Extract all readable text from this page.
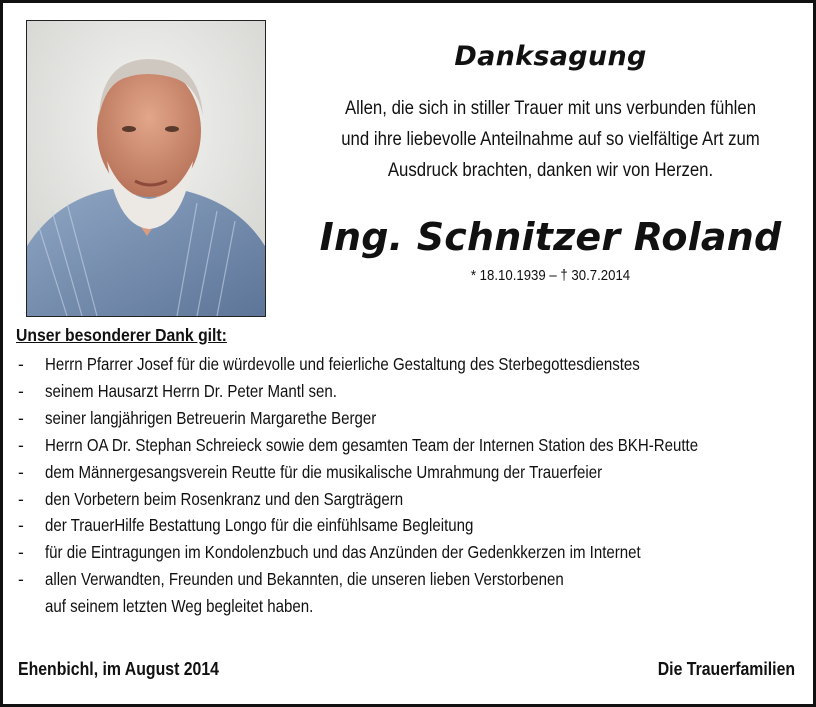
Danksagung
Allen, die sich in stiller Trauer mit uns verbunden fühlen
und ihre liebevolle Anteilnahme auf so vielfältige Art zum
Ausdruck brachten, danken wir von Herzen.
Ing. Schnitzer Roland
* 18.10.1939 – † 30.7.2014
Unser besonderer Dank gilt:
- Herrn Pfarrer Josef für die würdevolle und feierliche Gestaltung des Sterbegottesdienstes
- seinem Hausarzt Herrn Dr. Peter Mantl sen.
- seiner langjährigen Betreuerin Margarethe Berger
- Herrn OA Dr. Stephan Schreieck sowie dem gesamten Team der Internen Station des BKH-Reutte
- dem Männergesangsverein Reutte für die musikalische Umrahmung der Trauerfeier
- den Vorbetern beim Rosenkranz und den Sargträgern
- der TrauerHilfe Bestattung Longo für die einfühlsame Begleitung
- für die Eintragungen im Kondolenzbuch und das Anzünden der Gedenkkerzen im Internet
- allen Verwandten, Freunden und Bekannten, die unseren lieben Verstorbenen
auf seinem letzten Weg begleitet haben.
Ehenbichl, im August 2014	Die Trauerfamilien
